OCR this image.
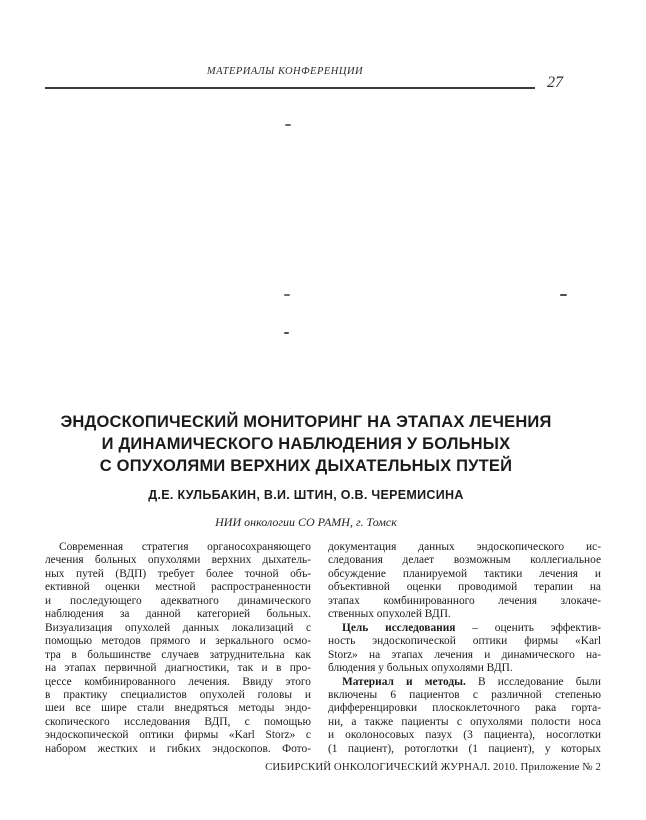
МАТЕРИАЛЫ КОНФЕРЕНЦИИ
27
ЭНДОСКОПИЧЕСКИЙ МОНИТОРИНГ НА ЭТАПАХ ЛЕЧЕНИЯ
И ДИНАМИЧЕСКОГО НАБЛЮДЕНИЯ У БОЛЬНЫХ
С ОПУХОЛЯМИ ВЕРХНИХ ДЫХАТЕЛЬНЫХ ПУТЕЙ
Д.Е. КУЛЬБАКИН, В.И. ШТИН, О.В. ЧЕРЕМИСИНА
НИИ онкологии СО РАМН, г. Томск
Современная стратегия органосохраняющего
лечения больных опухолями верхних дыхатель-
ных путей (ВДП) требует более точной объ-
ективной оценки местной распространенности
и последующего адекватного динамического
наблюдения за данной категорией больных.
Визуализация опухолей данных локализаций с
помощью методов прямого и зеркального осмо-
тра в большинстве случаев затруднительна как
на этапах первичной диагностики, так и в про-
цессе комбинированного лечения. Ввиду этого
в практику специалистов опухолей головы и
шеи все шире стали внедряться методы эндо-
скопического исследования ВДП, с помощью
эндоскопической оптики фирмы «Karl Storz» с
набором жестких и гибких эндоскопов. Фото-
документация данных эндоскопического ис-
следования делает возможным коллегиальное
обсуждение планируемой тактики лечения и
объективной оценки проводимой терапии на
этапах комбинированного лечения злокаче-
ственных опухолей ВДП.
Цель исследования – оценить эффектив-
ность эндоскопической оптики фирмы «Karl
Storz» на этапах лечения и динамического на-
блюдения у больных опухолями ВДП.
Материал и методы. В исследование были
включены 6 пациентов с различной степенью
дифференцировки плоскоклеточного рака горта-
ни, а также пациенты с опухолями полости носа
и околоносовых пазух (3 пациента), носоглотки
(1 пациент), ротоглотки (1 пациент), у которых
СИБИРСКИЙ ОНКОЛОГИЧЕСКИЙ ЖУРНАЛ. 2010. Приложение № 2
